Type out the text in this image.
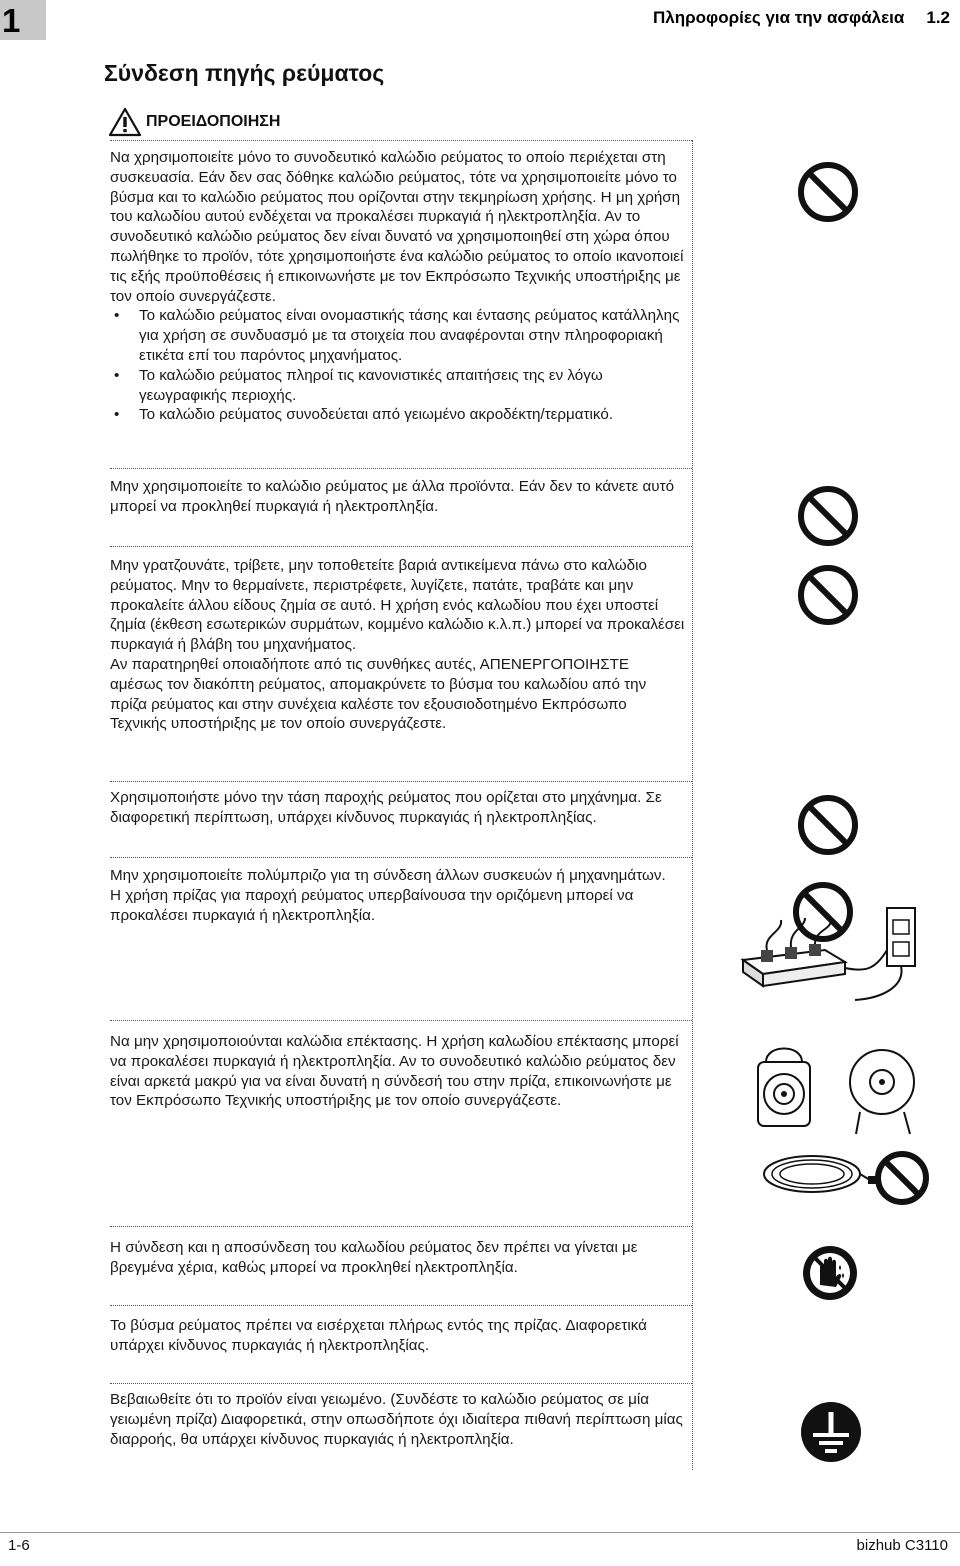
1	Πληροφορίες για την ασφάλεια 1.2
Σύνδεση πηγής ρεύματος
ΠΡΟΕΙΔΟΠΟΙΗΣΗ

Να χρησιμοποιείτε μόνο το συνοδευτικό καλώδιο ρεύματος το οποίο περιέχεται στη συσκευασία. Εάν δεν σας δόθηκε καλώδιο ρεύματος, τότε να χρησιμοποιείτε μόνο το βύσμα και το καλώδιο ρεύματος που ορίζονται στην τεκμηρίωση χρήσης. Η μη χρήση του καλωδίου αυτού ενδέχεται να προκαλέσει πυρκαγιά ή ηλεκτροπληξία. Αν το συνοδευτικό καλώδιο ρεύματος δεν είναι δυνατό να χρησιμοποιηθεί στη χώρα όπου πωλήθηκε το προϊόν, τότε χρησιμοποιήστε ένα καλώδιο ρεύματος το οποίο ικανοποιεί τις εξής προϋποθέσεις ή επικοινωνήστε με τον Εκπρόσωπο Τεχνικής υποστήριξης με τον οποίο συνεργάζεστε.

• Το καλώδιο ρεύματος είναι ονομαστικής τάσης και έντασης ρεύματος κατάλληλης για χρήση σε συνδυασμό με τα στοιχεία που αναφέρονται στην πληροφοριακή ετικέτα επί του παρόντος μηχανήματος.
• Το καλώδιο ρεύματος πληροί τις κανονιστικές απαιτήσεις της εν λόγω γεωγραφικής περιοχής.
• Το καλώδιο ρεύματος συνοδεύεται από γειωμένο ακροδέκτη/τερματικό.

Μην χρησιμοποιείτε το καλώδιο ρεύματος με άλλα προϊόντα. Εάν δεν το κάνετε αυτό μπορεί να προκληθεί πυρκαγιά ή ηλεκτροπληξία.

Μην γρατζουνάτε, τρίβετε, μην τοποθετείτε βαριά αντικείμενα πάνω στο καλώδιο ρεύματος. Μην το θερμαίνετε, περιστρέφετε, λυγίζετε, πατάτε, τραβάτε και μην προκαλείτε άλλου είδους ζημία σε αυτό. Η χρήση ενός καλωδίου που έχει υποστεί ζημία (έκθεση εσωτερικών συρμάτων, κομμένο καλώδιο κ.λ.π.) μπορεί να προκαλέσει πυρκαγιά ή βλάβη του μηχανήματος.

Αν παρατηρηθεί οποιαδήποτε από τις συνθήκες αυτές, ΑΠΕΝΕΡΓΟΠΟΙΗΣΤΕ αμέσως τον διακόπτη ρεύματος, απομακρύνετε το βύσμα του καλωδίου από την πρίζα ρεύματος και στην συνέχεια καλέστε τον εξουσιοδοτημένο Εκπρόσωπο Τεχνικής υποστήριξης με τον οποίο συνεργάζεστε.

Χρησιμοποιήστε μόνο την τάση παροχής ρεύματος που ορίζεται στο μηχάνημα. Σε διαφορετική περίπτωση, υπάρχει κίνδυνος πυρκαγιάς ή ηλεκτροπληξίας.

Μην χρησιμοποιείτε πολύμπριζο για τη σύνδεση άλλων συσκευών ή μηχανημάτων.

Η χρήση πρίζας για παροχή ρεύματος υπερβαίνουσα την οριζόμενη μπορεί να προκαλέσει πυρκαγιά ή ηλεκτροπληξία.

Να μην χρησιμοποιούνται καλώδια επέκτασης. Η χρήση καλωδίου επέκτασης μπορεί να προκαλέσει πυρκαγιά ή ηλεκτροπληξία. Αν το συνοδευτικό καλώδιο ρεύματος δεν είναι αρκετά μακρύ για να είναι δυνατή η σύνδεσή του στην πρίζα, επικοινωνήστε με τον Εκπρόσωπο Τεχνικής υποστήριξης με τον οποίο συνεργάζεστε.

Η σύνδεση και η αποσύνδεση του καλωδίου ρεύματος δεν πρέπει να γίνεται με βρεγμένα χέρια, καθώς μπορεί να προκληθεί ηλεκτροπληξία.

Το βύσμα ρεύματος πρέπει να εισέρχεται πλήρως εντός της πρίζας. Διαφορετικά υπάρχει κίνδυνος πυρκαγιάς ή ηλεκτροπληξίας.

Βεβαιωθείτε ότι το προϊόν είναι γειωμένο. (Συνδέστε το καλώδιο ρεύματος σε μία γειωμένη πρίζα) Διαφορετικά, στην οπωσδήποτε όχι ιδιαίτερα πιθανή περίπτωση μίας διαρροής, θα υπάρχει κίνδυνος πυρκαγιάς ή ηλεκτροπληξία.

1-6	bizhub C3110
